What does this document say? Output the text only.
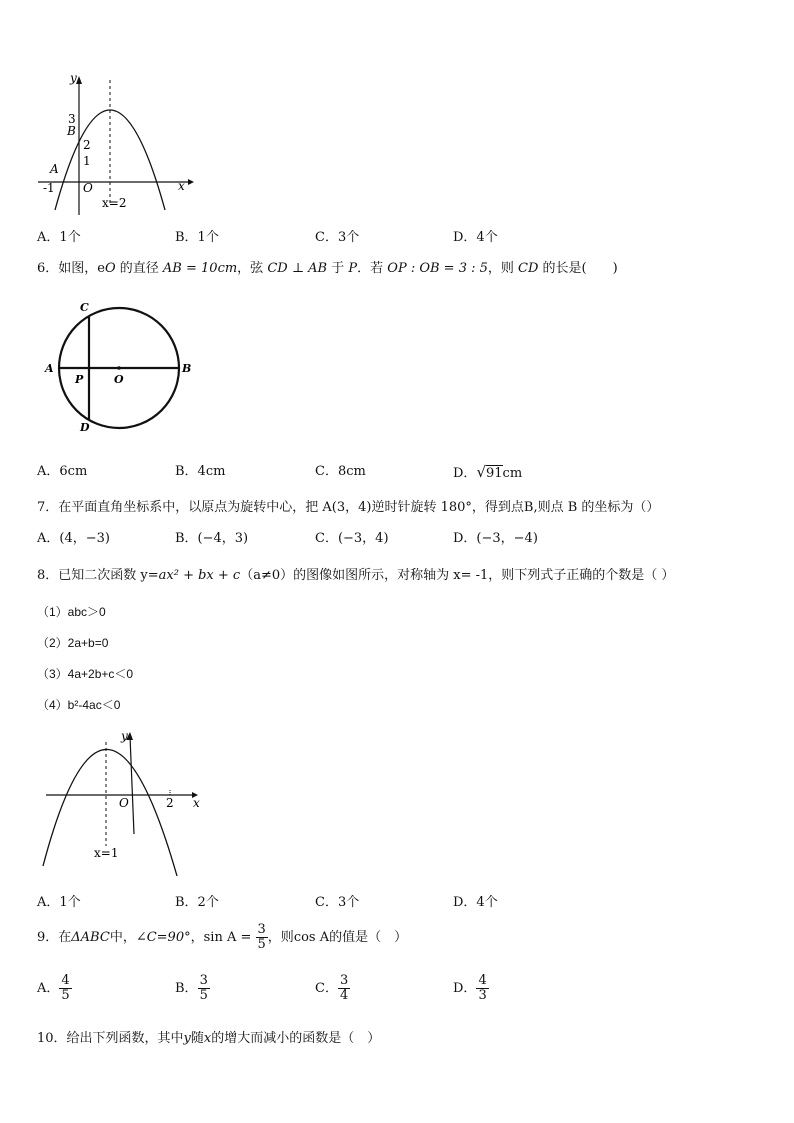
y
3
B
2
1
A
-1 O	x
x=2
A．1个	B．1个	C．3个	D．4个
6．如图，eO 的直径 AB = 10cm，弦 CD ⊥ AB 于 P．若 OP : OB = 3 : 5，则 CD 的长是(　　)
C
A
P	O
B
D
A．6cm	B．4cm	C．8cm	D．√91cm
7．在平面直角坐标系中，以原点为旋转中心，把 A(3，4)逆时针旋转 180°，得到点B,则点 B 的坐标为（）
A．(4，−3)	B．(−4，3)	C．(−3，4)	D．(−3，−4)
8．已知二次函数 y=ax² + bx + c（a≠0）的图像如图所示，对称轴为 x= -1，则下列式子正确的个数是（ ）
（1）abc＞0
（2）2a+b=0
（3）4a+2b+c＜0
（4）b²-4ac＜0
y
O	2 x
x=1
A．1个	B．2个	C．3个	D．4个
9．在ΔABC中，∠C=90°，$\sin A = \frac{3}{5}$ ，则cos A的值是（　）
A． $\frac{4}{5}$	B． $\frac{3}{5}$	C． $\frac{3}{4}$	D． $\frac{4}{3}$
10．给出下列函数，其中y随x的增大而减小的函数是（　）
